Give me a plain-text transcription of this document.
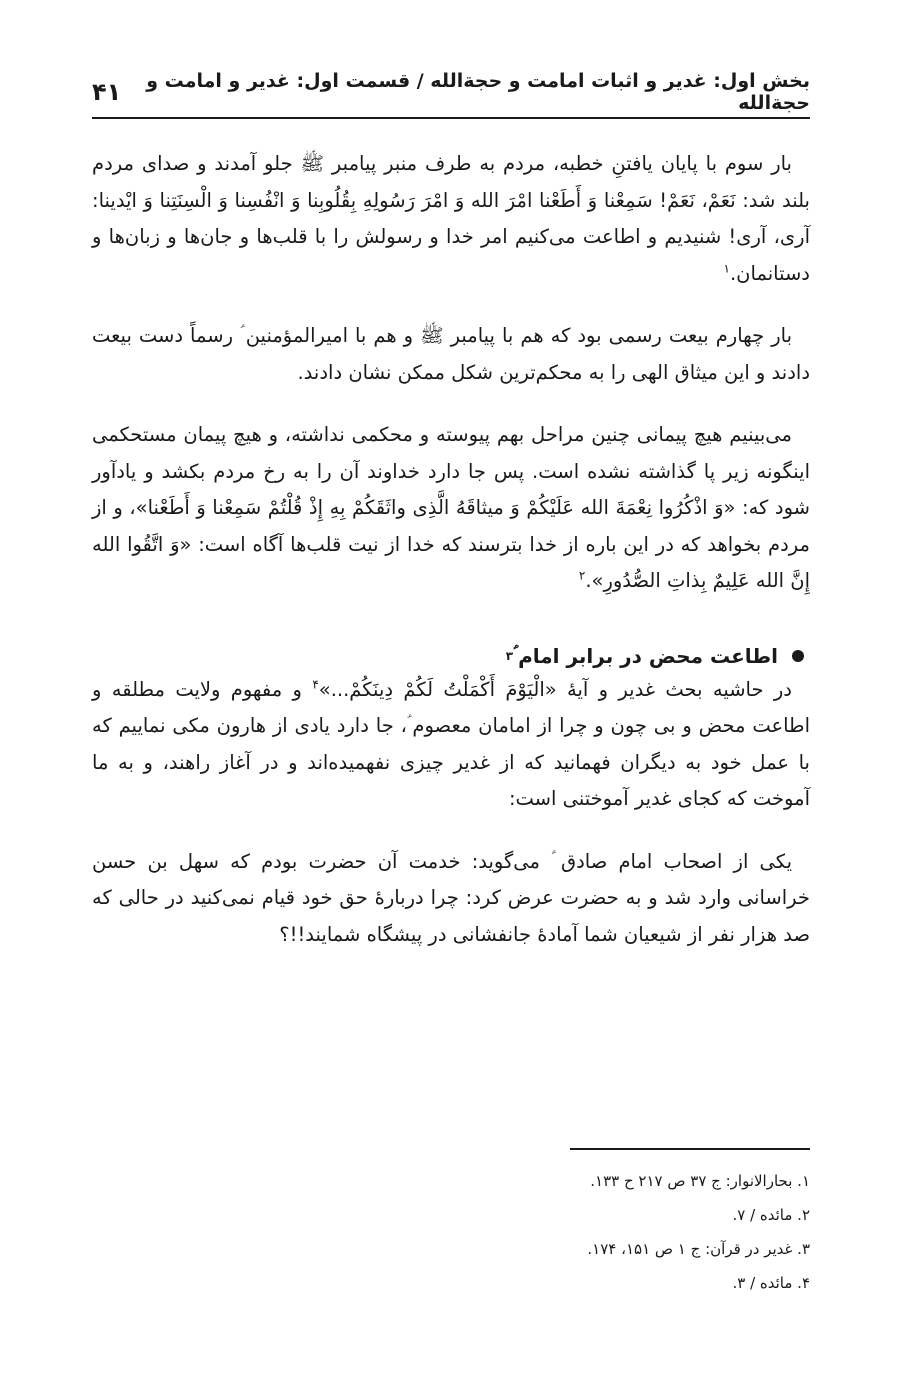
بخش اول: غدیر و اثبات امامت و حجة‌الله / قسمت اول: غدیر و امامت و حجة‌الله
۴۱

بار سوم با پایان یافتنِ خطبه، مردم به طرف منبر پیامبر ﷺ جلو آمدند و صدای مردم بلند شد: نَعَمْ، نَعَمْ! سَمِعْنا وَ أَطَعْنا امْرَ الله وَ امْرَ رَسُولِهِ بِقُلُوبِنا وَ انْفُسِنا وَ الْسِنَتِنا وَ ایْدینا: آری، آری! شنیدیم و اطاعت می‌کنیم امر خدا و رسولش را با قلب‌ها و جان‌ها و زبان‌ها و دستانمان.$^۱$

بار چهارم بیعت رسمی بود که هم با پیامبر ﷺ و هم با امیرالمؤمنین ؑ رسماً دست بیعت دادند و این میثاق الهی را به محکم‌ترین شکل ممکن نشان دادند.

می‌بینیم هیچ پیمانی چنین مراحل بهم پیوسته و محکمی نداشته، و هیچ پیمان مستحکمی اینگونه زیر پا گذاشته نشده است. پس جا دارد خداوند آن را به رخ مردم بکشد و یادآور شود که: «وَ اذْکُرُوا نِعْمَةَ الله عَلَیْکُمْ وَ میثاقَهُ الَّذِی واثَقَکُمْ بِهِ إِذْ قُلْتُمْ سَمِعْنا وَ أَطَعْنا»، و از مردم بخواهد که در این باره از خدا بترسند که خدا از نیت قلب‌ها آگاه است: «وَ اتَّقُوا الله إِنَّ الله عَلِیمٌ بِذاتِ الصُّدُورِ».$^۲$

اطاعت محض در برابر امام ؑ
۳

در حاشیه بحث غدیر و آیهٔ «الْیَوْمَ أَکْمَلْتُ لَکُمْ دِینَکُمْ...»$^۴$ و مفهوم ولایت مطلقه و اطاعت محض و بی چون و چرا از امامان معصوم ؑ، جا دارد یادی از هارون مکی نماییم که با عمل خود به دیگران فهمانید که از غدیر چیزی نفهمیده‌اند و در آغاز راهند، و به ما آموخت که کجای غدیر آموختنی است:

یکی از اصحاب امام صادق ؑ می‌گوید: خدمت آن حضرت بودم که سهل بن حسن خراسانی وارد شد و به حضرت عرض کرد: چرا دربارهٔ حق خود قیام نمی‌کنید در حالی که صد هزار نفر از شیعیان شما آمادهٔ جانفشانی در پیشگاه شمایند!!؟

۱. بحارالانوار: ج ۳۷ ص ۲۱۷ ح ۱۳۳.
۲. مائده / ۷.
۳. غدیر در قرآن: ج ۱ ص ۱۵۱، ۱۷۴.
۴. مائده / ۳.
